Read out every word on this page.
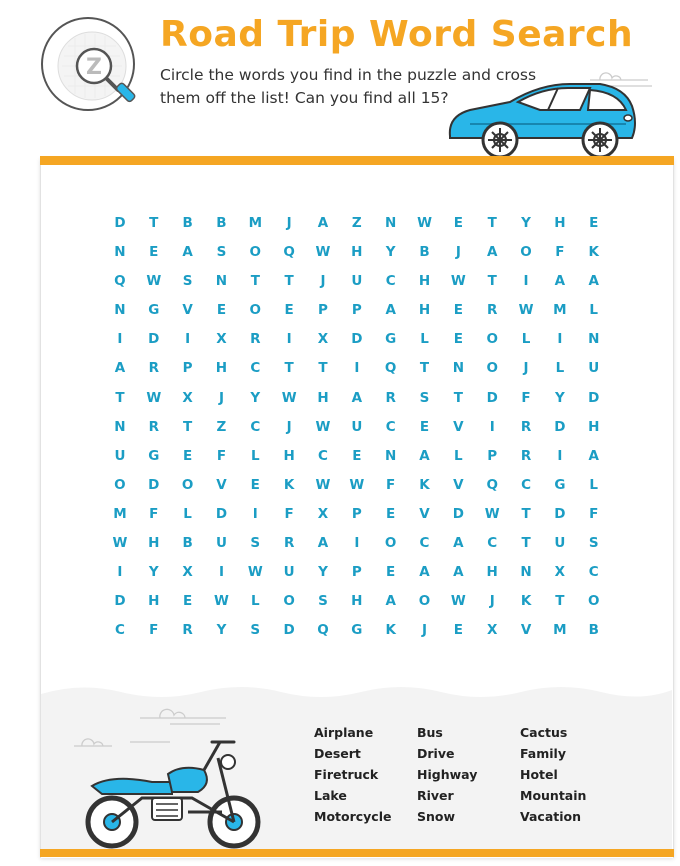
Z
Road Trip Word Search
Circle the words you find in the puzzle and cross them off the list! Can you find all 15?
D	T	B	B	M	J	A	Z	N	W	E	T	Y	H	E
N	E	A	S	O	Q	W	H	Y	B	J	A	O	F	K
Q	W	S	N	T	T	J	U	C	H	W	T	I	A	A
N	G	V	E	O	E	P	P	A	H	E	R	W	M	L
I	D	I	X	R	I	X	D	G	L	E	O	L	I	N
A	R	P	H	C	T	T	I	Q	T	N	O	J	L	U
T	W	X	J	Y	W	H	A	R	S	T	D	F	Y	D
N	R	T	Z	C	J	W	U	C	E	V	I	R	D	H
U	G	E	F	L	H	C	E	N	A	L	P	R	I	A
O	D	O	V	E	K	W	W	F	K	V	Q	C	G	L
M	F	L	D	I	F	X	P	E	V	D	W	T	D	F
W	H	B	U	S	R	A	I	O	C	A	C	T	U	S
I	Y	X	I	W	U	Y	P	E	A	A	H	N	X	C
D	H	E	W	L	O	S	H	A	O	W	J	K	T	O
C	F	R	Y	S	D	Q	G	K	J	E	X	V	M	B
Airplane
Desert
Firetruck
Lake
Motorcycle
Bus
Drive
Highway
River
Snow
Cactus
Family
Hotel
Mountain
Vacation
